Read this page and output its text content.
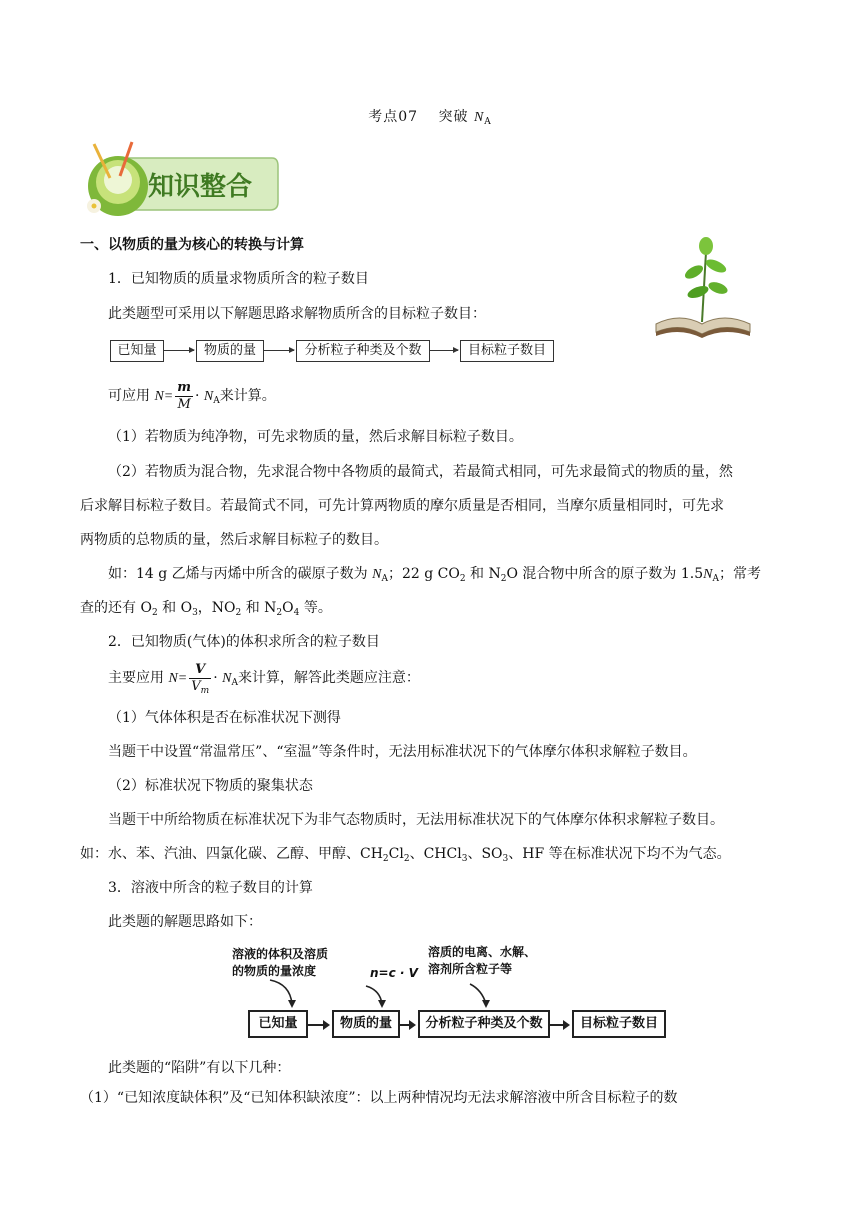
考点07　 突破 $N_A$
知识整合
一、以物质的量为核心的转换与计算
1．已知物质的质量求物质所含的粒子数目
此类题型可采用以下解题思路求解物质所含的目标粒子数目：
已知量	物质的量	分析粒子种类及个数	目标粒子数目
可应用 $N= \frac{m}{M} \cdot N_A$来计算。
（1）若物质为纯净物，可先求物质的量，然后求解目标粒子数目。
（2）若物质为混合物，先求混合物中各物质的最简式，若最简式相同，可先求最简式的物质的量，然
后求解目标粒子数目。若最简式不同，可先计算两物质的摩尔质量是否相同，当摩尔质量相同时，可先求
两物质的总物质的量，然后求解目标粒子的数目。
如：14 g 乙烯与丙烯中所含的碳原子数为 $N_A$；22 g $CO_2$ 和 $N_2O$ 混合物中所含的原子数为 $1.5N_A$；常考
查的还有 $O_2$ 和 $O_3$，$NO_2$ 和 $N_2O_4$ 等。
2．已知物质(气体)的体积求所含的粒子数目
主要应用 $N= \frac{V}{V_m} \cdot N_A$来计算，解答此类题应注意：
（1）气体体积是否在标准状况下测得
当题干中设置“常温常压”、“室温”等条件时，无法用标准状况下的气体摩尔体积求解粒子数目。
（2）标准状况下物质的聚集状态
当题干中所给物质在标准状况下为非气态物质时，无法用标准状况下的气体摩尔体积求解粒子数目。
如：水、苯、汽油、四氯化碳、乙醇、甲醇、$CH_2Cl_2$、CHCl$_3$、$SO_3$、HF 等在标准状况下均不为气态。
3．溶液中所含的粒子数目的计算
此类题的解题思路如下：
溶液的体积及溶质
的物质的量浓度	n=c · V
溶质的电离、水解、
溶剂所含粒子等
已知量	物质的量	分析粒子种类及个数	目标粒子数目
此类题的“陷阱”有以下几种：
（1）“已知浓度缺体积”及“已知体积缺浓度”：以上两种情况均无法求解溶液中所含目标粒子的数
